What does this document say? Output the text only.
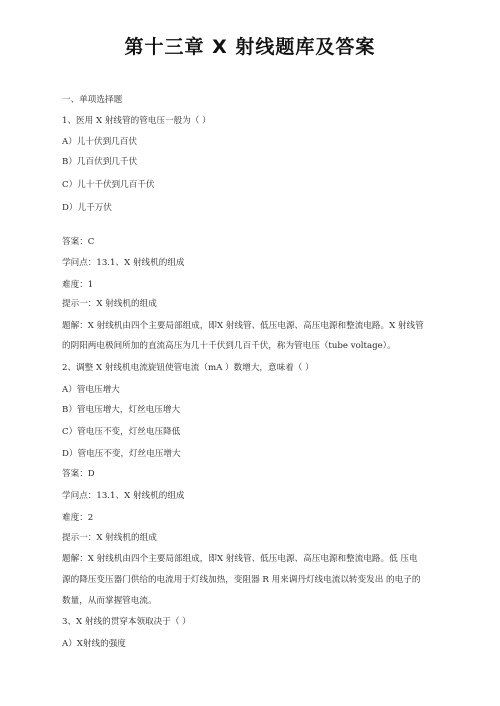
第十三章 X 射线题库及答案
一、单项选择题
1、医用 X 射线管的管电压一般为（ ）
A）儿十伏到几百伏
B）几百伏到几千伏
C）儿十千伏到几百千伏
D）儿千万伏
答案：C
学问点：13.1、X 射线机的组成
难度：1
提示一：X 射线机的组成
题解：X 射线机由四个主要局部组成，即X 射线管、低压电源、高压电源和整流电路。X 射线管
的阴阳两电极间所加的直流高压为几十千伏到几百千伏，称为管电压（tube voltage）。
2、调整 X 射线机电流旋钮使管电流（mA ）数增大，意味着（ ）
A）管电压增大
B）管电压增大，灯丝电压增大
C）管电压不变，灯丝电压降低
D）管电压不变，灯丝电压增大
答案：D
学问点：13.1、X 射线机的组成
难度：2
提示一：X 射线机的组成
题解：X 射线机由四个主要局部组成，即X 射线管、低压电源、高压电源和整流电路。低 压电
源的降压变压器门供给的电流用于灯线加热，变阻器 R 用来调丹灯线电流以转变发出 的电子的
数量，从而掌握管电流。
3、X 射线的贯穿本领取决于（ ）
A）X射线的强度
